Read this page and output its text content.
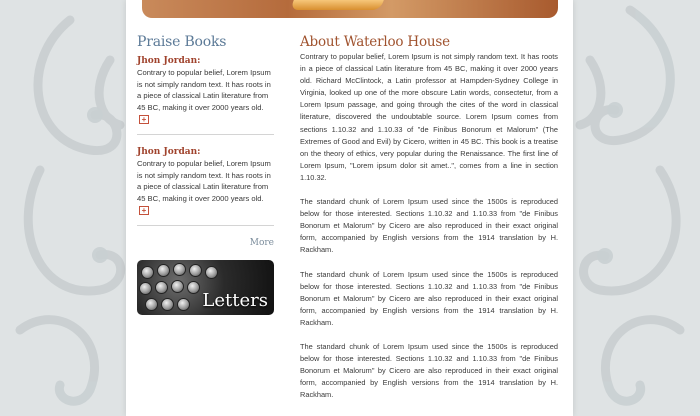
Praise Books
Jhon Jordan:

Contrary to popular belief, Lorem Ipsum is not simply random text. It has roots in a piece of classical Latin literature from 45 BC, making it over 2000 years old. +

Jhon Jordan:

Contrary to popular belief, Lorem Ipsum is not simply random text. It has roots in a piece of classical Latin literature from 45 BC, making it over 2000 years old. +

More
Letters
About Waterloo House

Contrary to popular belief, Lorem Ipsum is not simply random text. It has roots in a piece of classical Latin literature from 45 BC, making it over 2000 years old. Richard McClintock, a Latin professor at Hampden-Sydney College in Virginia, looked up one of the more obscure Latin words, consectetur, from a Lorem Ipsum passage, and going through the cites of the word in classical literature, discovered the undoubtable source. Lorem Ipsum comes from sections 1.10.32 and 1.10.33 of "de Finibus Bonorum et Malorum" (The Extremes of Good and Evil) by Cicero, written in 45 BC. This book is a treatise on the theory of ethics, very popular during the Renaissance. The first line of Lorem Ipsum, "Lorem ipsum dolor sit amet..", comes from a line in section 1.10.32.

The standard chunk of Lorem Ipsum used since the 1500s is reproduced below for those interested. Sections 1.10.32 and 1.10.33 from "de Finibus Bonorum et Malorum" by Cicero are also reproduced in their exact original form, accompanied by English versions from the 1914 translation by H. Rackham.

The standard chunk of Lorem Ipsum used since the 1500s is reproduced below for those interested. Sections 1.10.32 and 1.10.33 from "de Finibus Bonorum et Malorum" by Cicero are also reproduced in their exact original form, accompanied by English versions from the 1914 translation by H. Rackham.

The standard chunk of Lorem Ipsum used since the 1500s is reproduced below for those interested. Sections 1.10.32 and 1.10.33 from "de Finibus Bonorum et Malorum" by Cicero are also reproduced in their exact original form, accompanied by English versions from the 1914 translation by H. Rackham.
